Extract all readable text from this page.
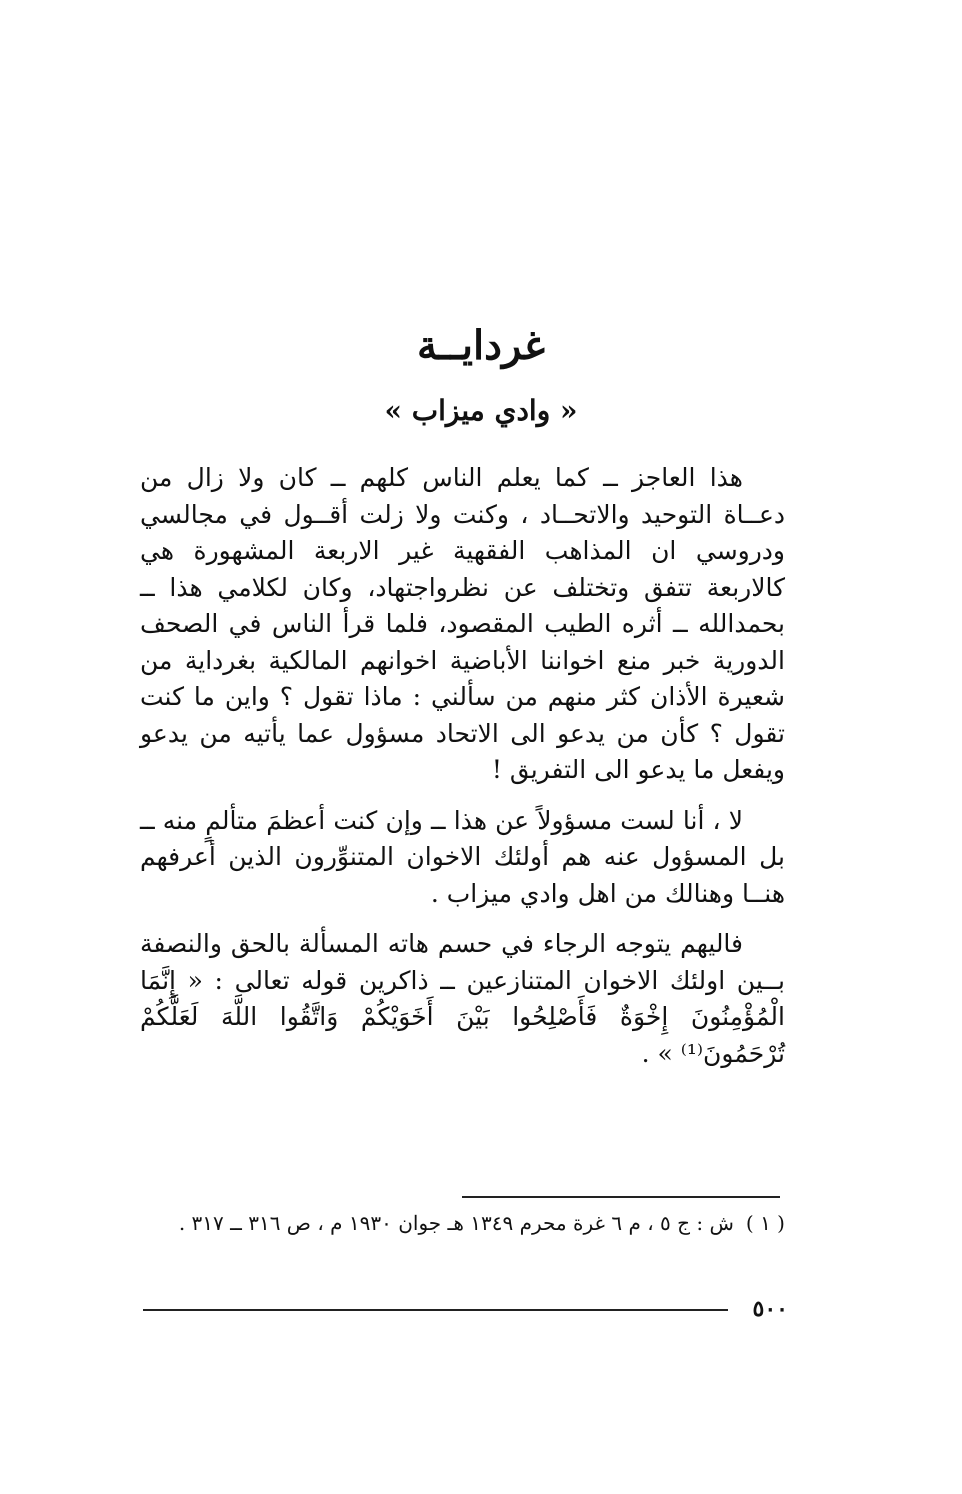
غردايــة
« وادي ميزاب »

هذا العاجز ــ كما يعلم الناس كلهم ــ كان ولا زال من دعــاة التوحيد والاتحــاد ، وكنت ولا زلت أقــول في مجالسي ودروسي ان المذاهب الفقهية غير الاربعة المشهورة هي كالاربعة تتفق وتختلف عن نظرواجتهاد، وكان لكلامي هذا ــ بحمدالله ــ أثره الطيب المقصود، فلما قرأ الناس في الصحف الدورية خبر منع اخواننا الأباضية اخوانهم المالكية بغرداية من شعيرة الأذان كثر منهم من سألني : ماذا تقول ؟ واين ما كنت تقول ؟ كأن من يدعو الى الاتحاد مسؤول عما يأتيه من يدعو ويفعل ما يدعو الى التفريق !

لا ، أنا لست مسؤولاً عن هذا ــ وإن كنت أعظمَ متألمٍ منه ــ بل المسؤول عنه هم أولئك الاخوان المتنوِّرون الذين أعرفهم هنــا وهنالك من اهل وادي ميزاب .

فاليهم يتوجه الرجاء في حسم هاته المسألة بالحق والنصفة بــين اولئك الاخوان المتنازعين ــ ذاكرين قوله تعالى : « إِنَّمَا الْمُؤْمِنُونَ إِخْوَةٌ فَأَصْلِحُوا بَيْنَ أَخَوَيْكُمْ وَاتَّقُوا اللَّهَ لَعَلَّكُمْ تُرْحَمُونَ⁽¹⁾ » .

( ١ )ش : ج ٥ ، م ٦ غرة محرم ١٣٤٩ هـ جوان ١٩٣٠ م ، ص ٣١٦ ــ ٣١٧ .
٥٠٠
